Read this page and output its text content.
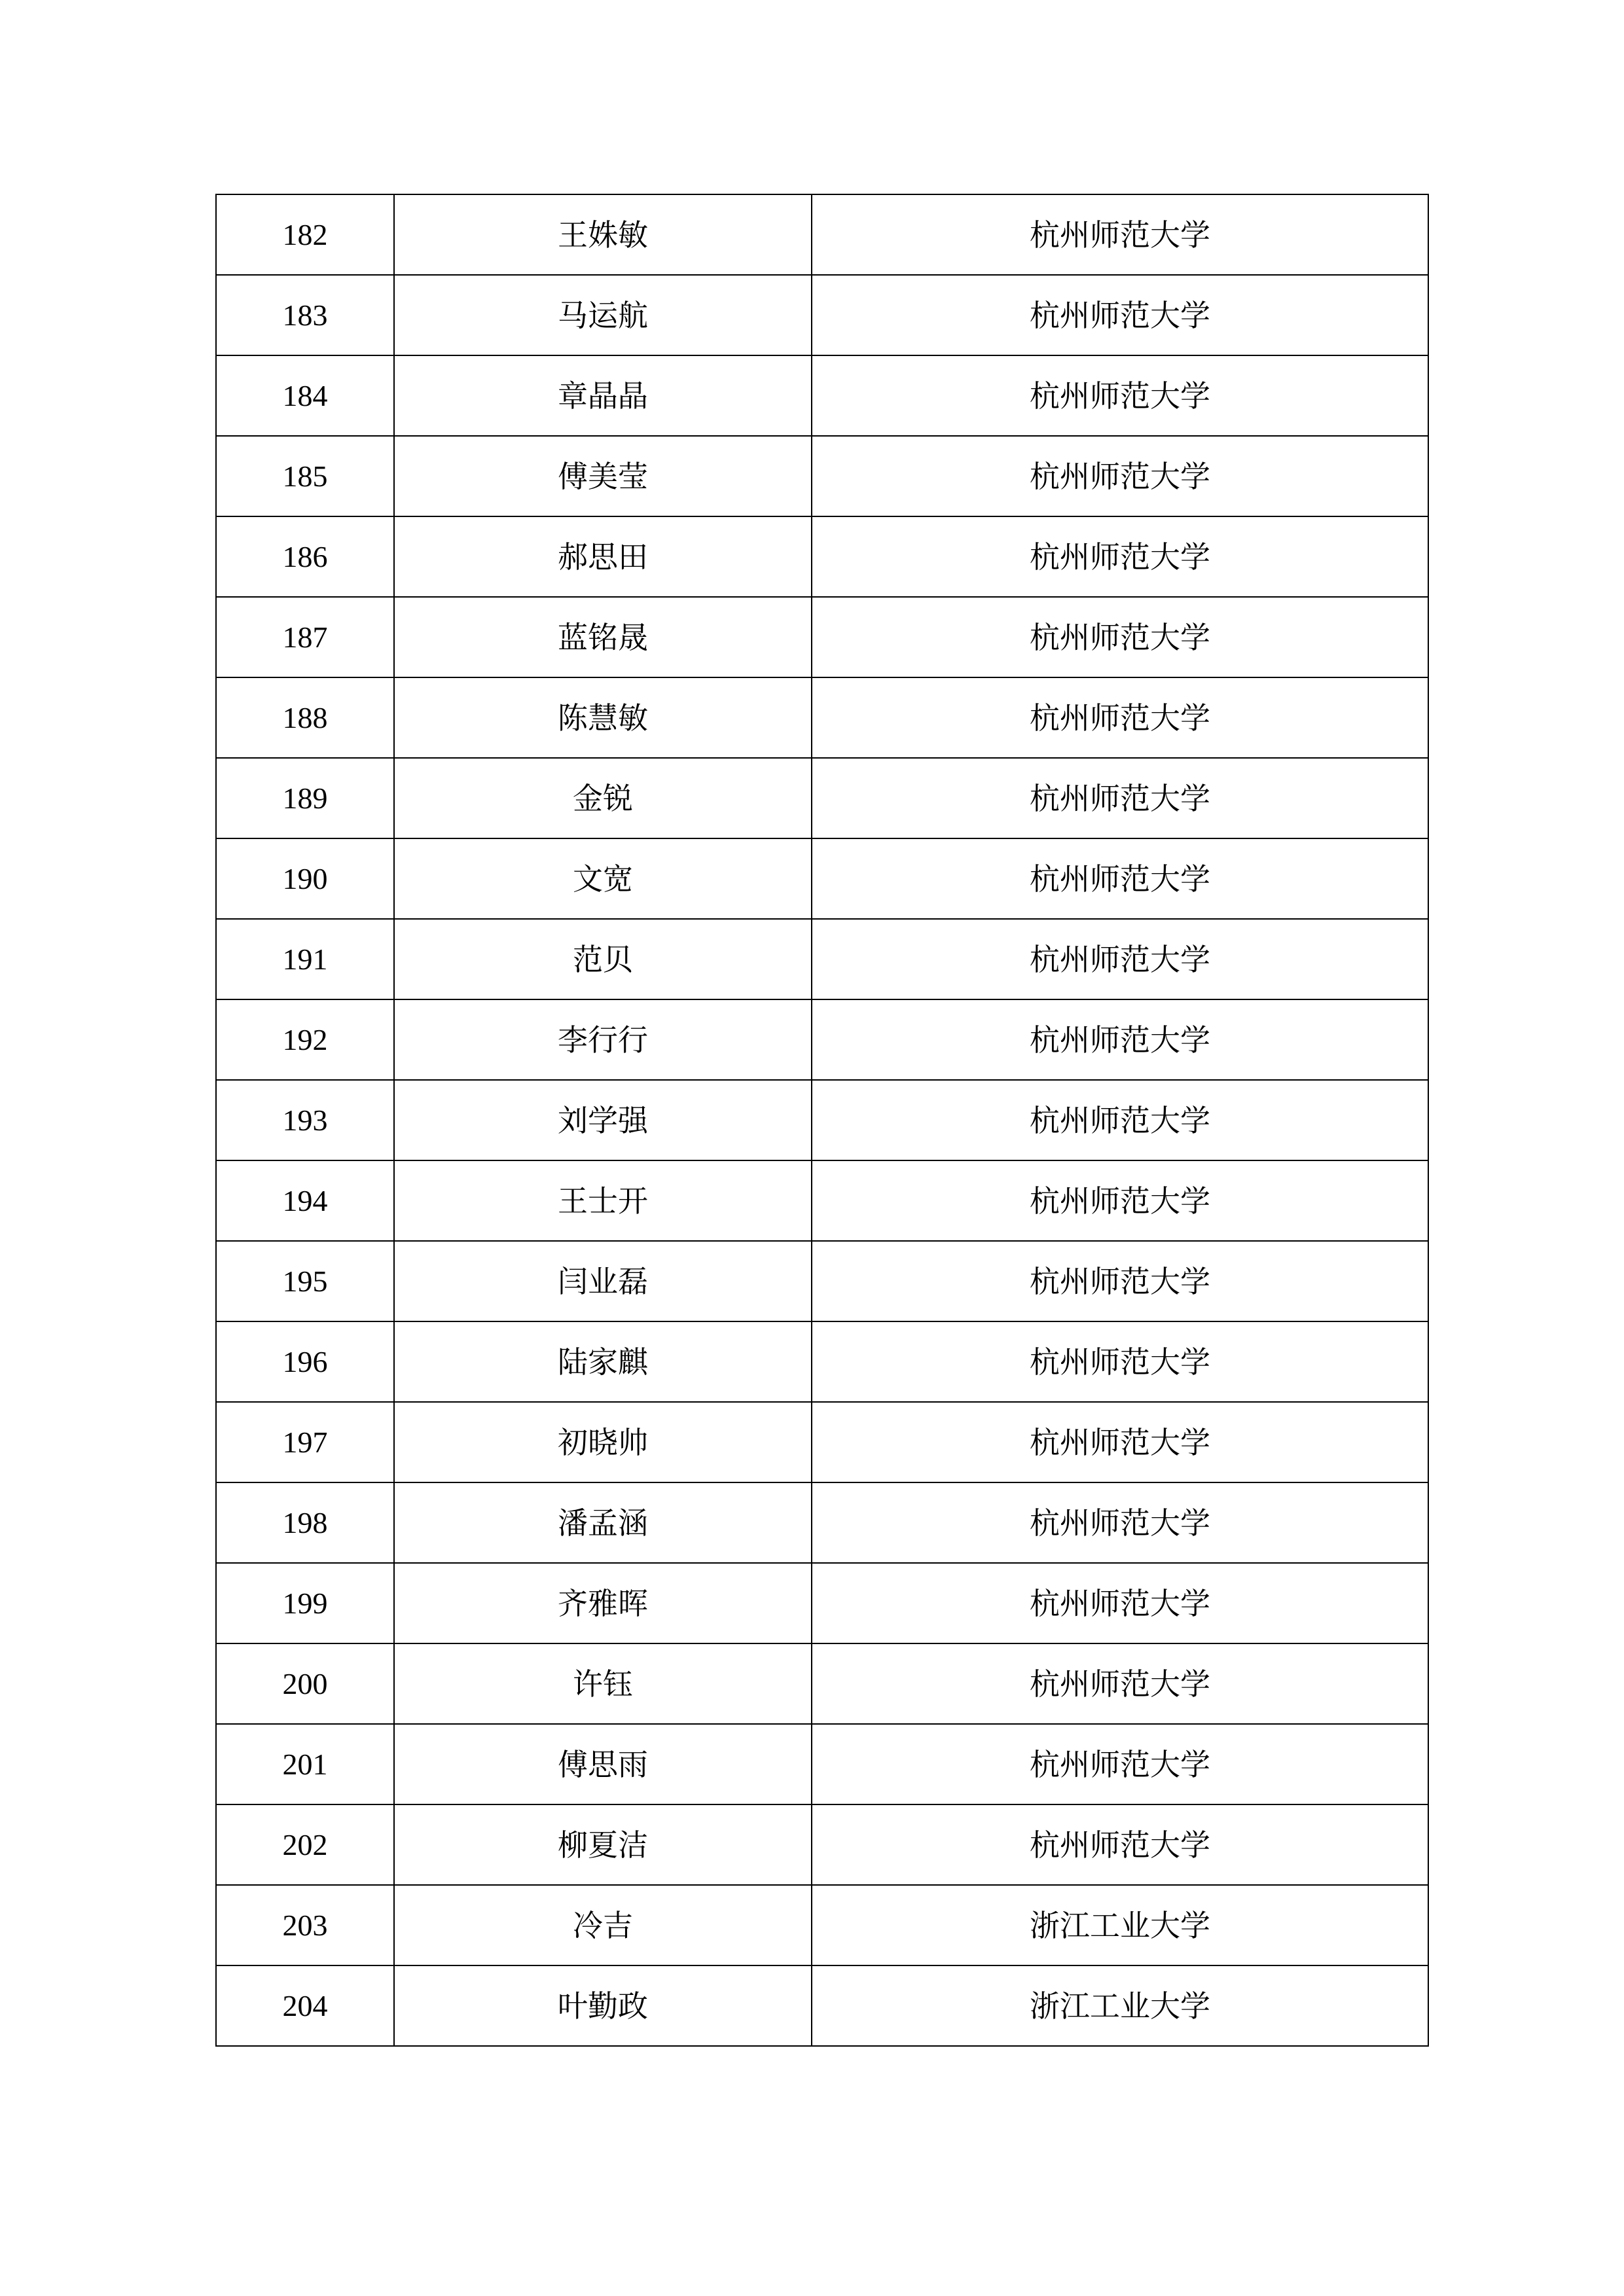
182	王姝敏	杭州师范大学
183	马运航	杭州师范大学
184	章晶晶	杭州师范大学
185	傅美莹	杭州师范大学
186	郝思田	杭州师范大学
187	蓝铭晟	杭州师范大学
188	陈慧敏	杭州师范大学
189	金锐	杭州师范大学
190	文宽	杭州师范大学
191	范贝	杭州师范大学
192	李行行	杭州师范大学
193	刘学强	杭州师范大学
194	王士开	杭州师范大学
195	闫业磊	杭州师范大学
196	陆家麒	杭州师范大学
197	初晓帅	杭州师范大学
198	潘孟涵	杭州师范大学
199	齐雅晖	杭州师范大学
200	许钰	杭州师范大学
201	傅思雨	杭州师范大学
202	柳夏洁	杭州师范大学
203	冷吉	浙江工业大学
204	叶勤政	浙江工业大学
